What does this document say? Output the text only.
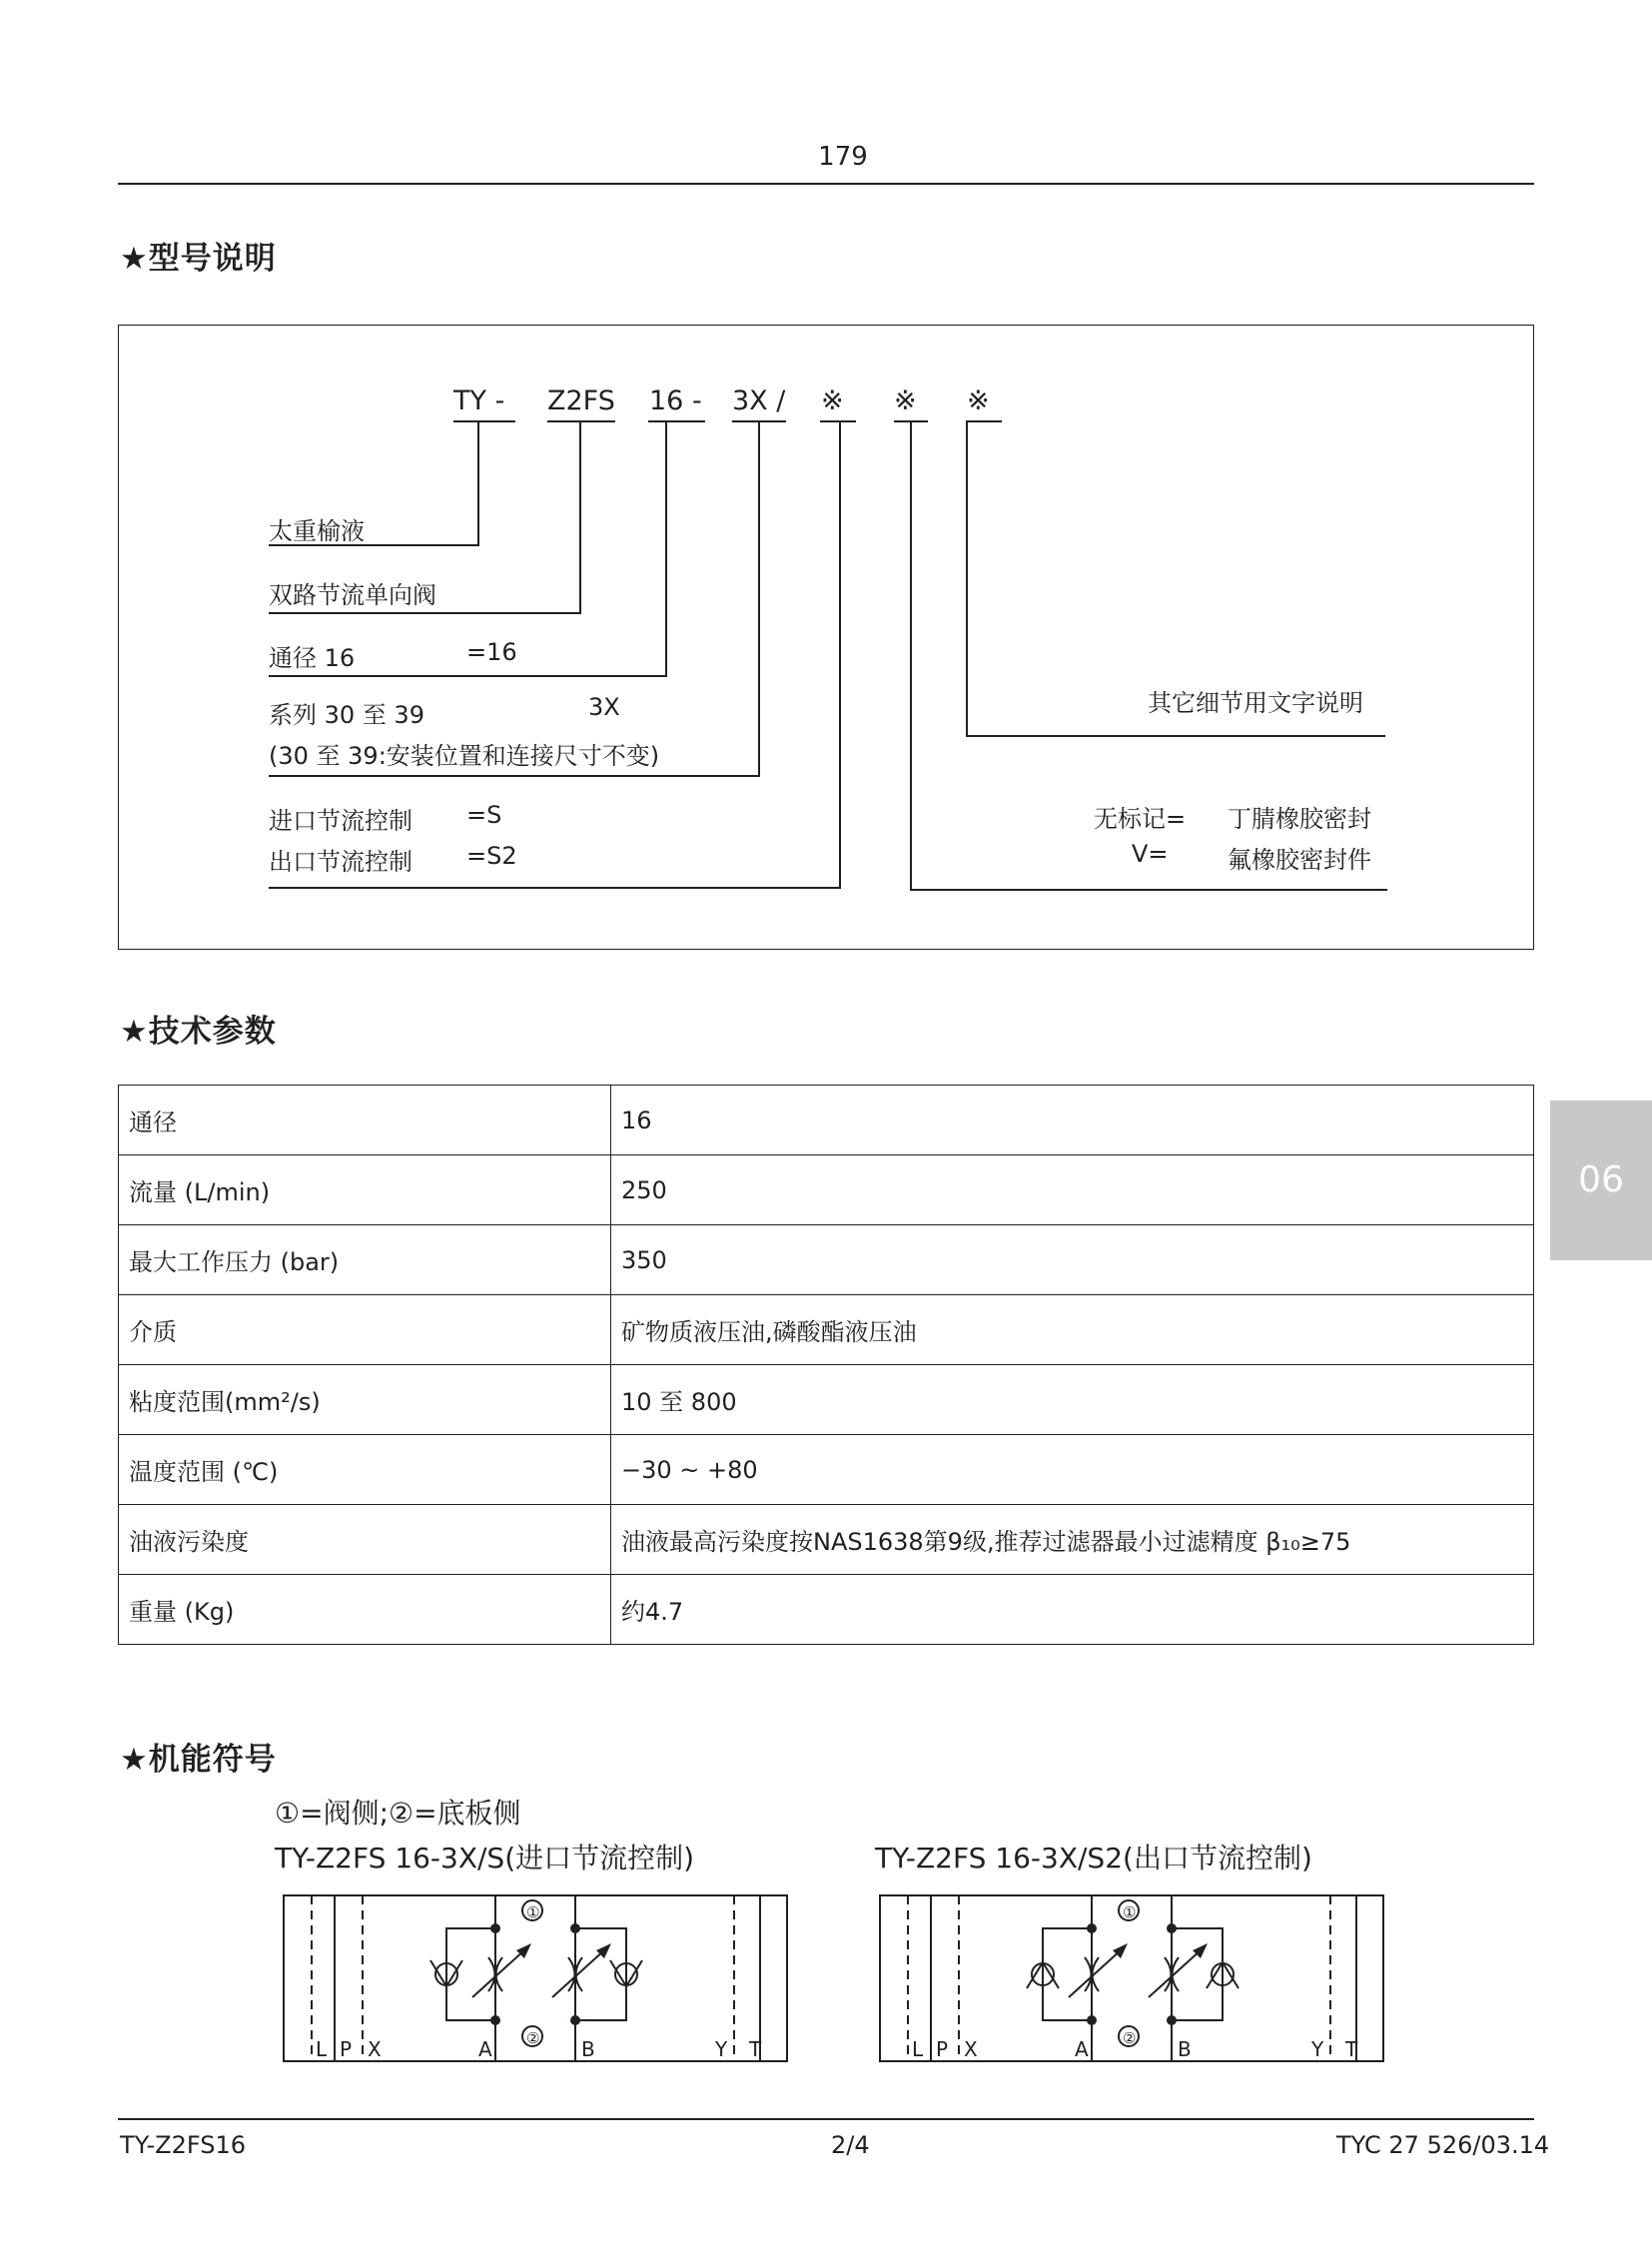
179
★型号说明
TY - Z2FS 16 - 3X / ※ ※ ※
太重榆液
双路节流单向阀
通径 16	=16
系列 30 至 39	3X
(30 至 39:安装位置和连接尺寸不变)
进口节流控制 =S
出口节流控制 =S2
其它细节用文字说明
无标记= 丁腈橡胶密封
V= 氟橡胶密封件
★技术参数
通径	16
流量 (L/min)	250
最大工作压力 (bar)	350
介质	矿物质液压油,磷酸酯液压油
粘度范围(mm²/s)	10 至 800
温度范围 (℃)	−30 ~ +80
油液污染度	油液最高污染度按NAS1638第9级,推荐过滤器最小过滤精度 β₁₀≥75
重量 (Kg)	约4.7
06
★机能符号
①=阀侧;②=底板侧
TY-Z2FS 16-3X/S(进口节流控制)	TY-Z2FS 16-3X/S2(出口节流控制)
①
②
L P X	A	B	Y T
①
②
L P X	A	B	Y T
TY-Z2FS16	2/4	TYC 27 526/03.14
